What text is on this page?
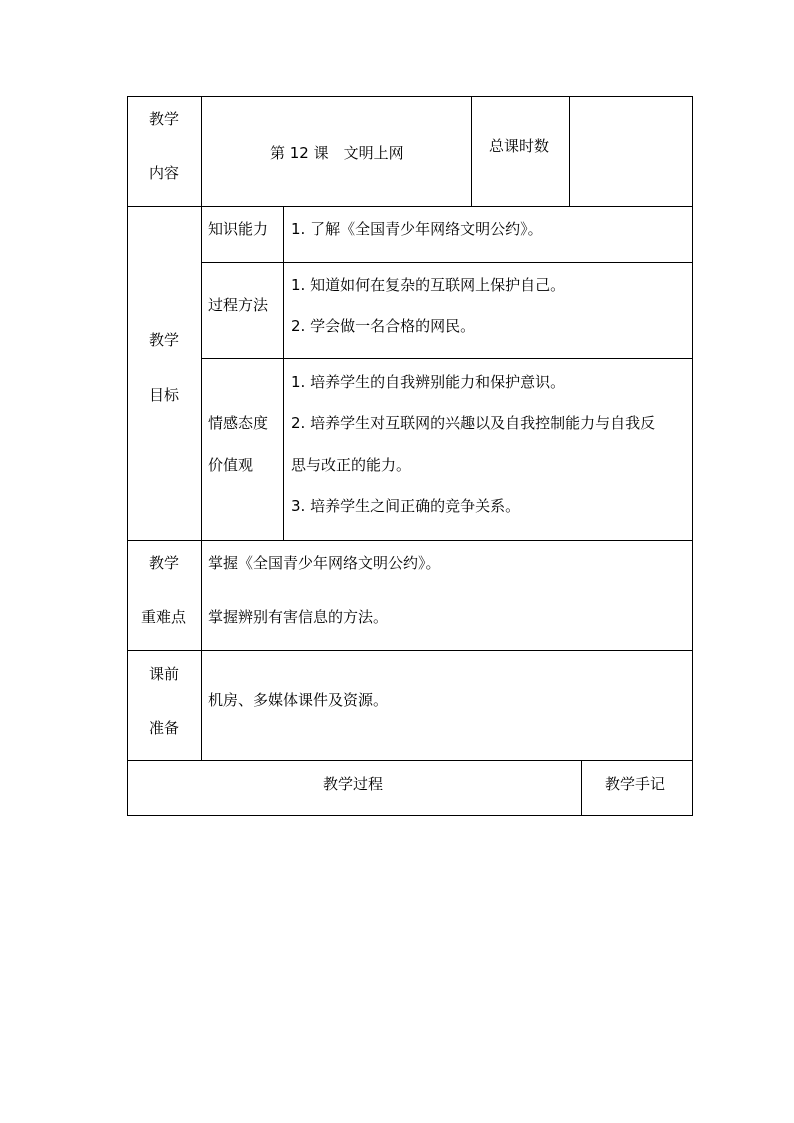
教学
内容
第 12 课　文明上网	总课时数
教学
目标
知识能力 1. 了解《全国青少年网络文明公约》。
过程方法
1. 知道如何在复杂的互联网上保护自己。
2. 学会做一名合格的网民。
情感态度
价值观
1. 培养学生的自我辨别能力和保护意识。
2. 培养学生对互联网的兴趣以及自我控制能力与自我反
思与改正的能力。
3. 培养学生之间正确的竞争关系。
教学
重难点
掌握《全国青少年网络文明公约》。
掌握辨别有害信息的方法。
课前
准备
机房、多媒体课件及资源。
教学过程	教学手记
